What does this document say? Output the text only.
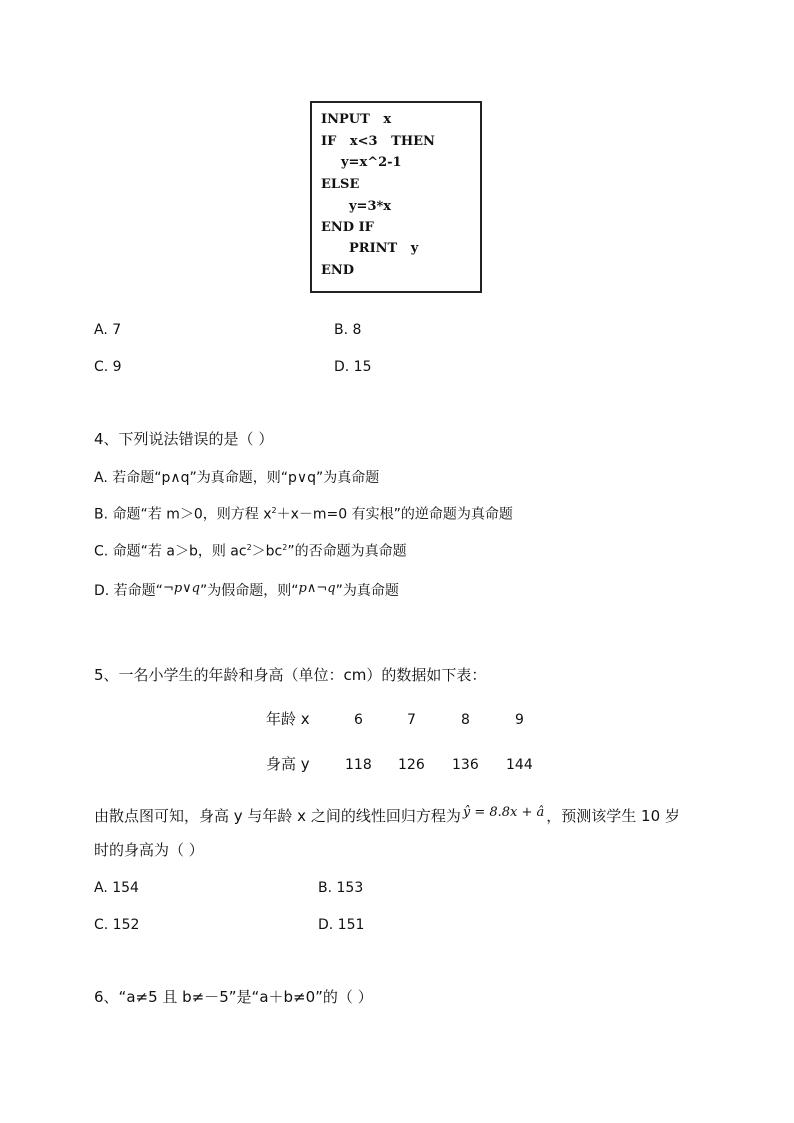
INPUT   x
IF   x<3   THEN
y=x^2-1
ELSE
y=3*x
END IF
PRINT   y
END
A. 7	B. 8
C. 9	D. 15
4、下列说法错误的是（ ）
A. 若命题“p∧q”为真命题，则“p∨q”为真命题
B. 命题“若 m＞0，则方程 $x^2+x-m=0$ 有实根”的逆命题为真命题
C. 命题“若 a＞b，则 $ac^2>bc^2$”的否命题为真命题
D. 若命题“¬p∨q”为假命题，则“p∧¬q”为真命题
5、一名小学生的年龄和身高（单位：cm）的数据如下表：
年龄 x	6	7	8	9
身高 y	118 126 136 144
由散点图可知，身高 y 与年龄 x 之间的线性回归方程为 ŷ = 8.8x + â ，预测该学生 10 岁
时的身高为（ ）
A. 154	B. 153
C. 152	D. 151
6、“a≠5 且 b≠－5”是“a＋b≠0”的（ ）
